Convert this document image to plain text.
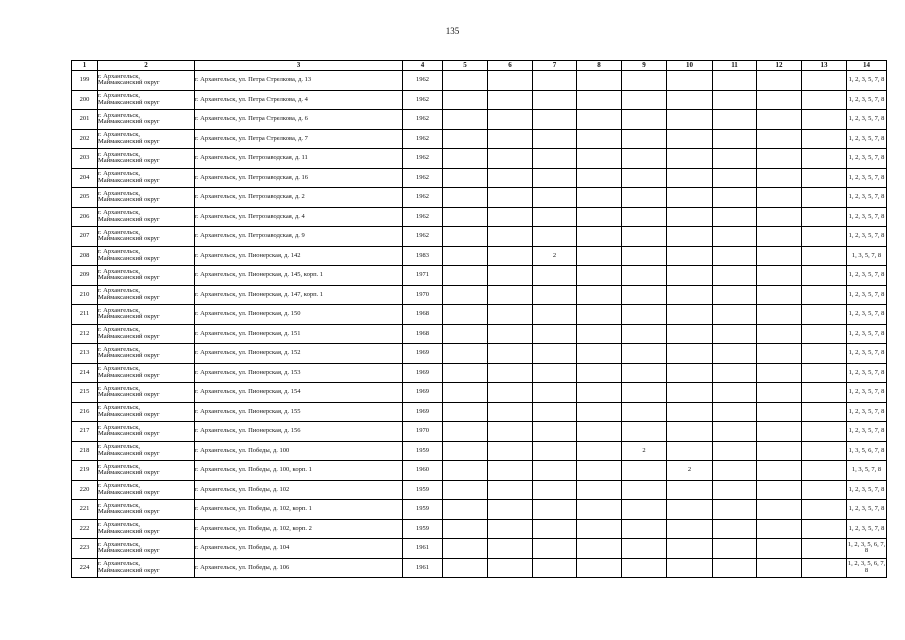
135
1	2	3	4	5	6	7	8	9	10	11	12	13	14
199	г. Архангельск,
Маймаксанский округ	г. Архангельск, ул. Петра Стрелкова, д. 13	1962										1, 2, 3, 5, 7, 8
200	г. Архангельск,
Маймаксанский округ	г. Архангельск, ул. Петра Стрелкова, д. 4	1962										1, 2, 3, 5, 7, 8
201	г. Архангельск,
Маймаксанский округ	г. Архангельск, ул. Петра Стрелкова, д. 6	1962										1, 2, 3, 5, 7, 8
202	г. Архангельск,
Маймаксанский округ	г. Архангельск, ул. Петра Стрелкова, д. 7	1962										1, 2, 3, 5, 7, 8
203	г. Архангельск,
Маймаксанский округ	г. Архангельск, ул. Петрозаводская, д. 11	1962										1, 2, 3, 5, 7, 8
204	г. Архангельск,
Маймаксанский округ	г. Архангельск, ул. Петрозаводская, д. 16	1962										1, 2, 3, 5, 7, 8
205	г. Архангельск,
Маймаксанский округ	г. Архангельск, ул. Петрозаводская, д. 2	1962										1, 2, 3, 5, 7, 8
206	г. Архангельск,
Маймаксанский округ	г. Архангельск, ул. Петрозаводская, д. 4	1962										1, 2, 3, 5, 7, 8
207	г. Архангельск,
Маймаксанский округ	г. Архангельск, ул. Петрозаводская, д. 9	1962										1, 2, 3, 5, 7, 8
208	г. Архангельск,
Маймаксанский округ	г. Архангельск, ул. Пионерская, д. 142	1983			2							1, 3, 5, 7, 8
209	г. Архангельск,
Маймаксанский округ	г. Архангельск, ул. Пионерская, д. 145, корп. 1	1971										1, 2, 3, 5, 7, 8
210	г. Архангельск,
Маймаксанский округ	г. Архангельск, ул. Пионерская, д. 147, корп. 1	1970										1, 2, 3, 5, 7, 8
211	г. Архангельск,
Маймаксанский округ	г. Архангельск, ул. Пионерская, д. 150	1968										1, 2, 3, 5, 7, 8
212	г. Архангельск,
Маймаксанский округ	г. Архангельск, ул. Пионерская, д. 151	1968										1, 2, 3, 5, 7, 8
213	г. Архангельск,
Маймаксанский округ	г. Архангельск, ул. Пионерская, д. 152	1969										1, 2, 3, 5, 7, 8
214	г. Архангельск,
Маймаксанский округ	г. Архангельск, ул. Пионерская, д. 153	1969										1, 2, 3, 5, 7, 8
215	г. Архангельск,
Маймаксанский округ	г. Архангельск, ул. Пионерская, д. 154	1969										1, 2, 3, 5, 7, 8
216	г. Архангельск,
Маймаксанский округ	г. Архангельск, ул. Пионерская, д. 155	1969										1, 2, 3, 5, 7, 8
217	г. Архангельск,
Маймаксанский округ	г. Архангельск, ул. Пионерская, д. 156	1970										1, 2, 3, 5, 7, 8
218	г. Архангельск,
Маймаксанский округ	г. Архангельск, ул. Победы, д. 100	1959					2					1, 3, 5, 6, 7, 8
219	г. Архангельск,
Маймаксанский округ	г. Архангельск, ул. Победы, д. 100, корп. 1	1960						2				1, 3, 5, 7, 8
220	г. Архангельск,
Маймаксанский округ	г. Архангельск, ул. Победы, д. 102	1959										1, 2, 3, 5, 7, 8
221	г. Архангельск,
Маймаксанский округ	г. Архангельск, ул. Победы, д. 102, корп. 1	1959										1, 2, 3, 5, 7, 8
222	г. Архангельск,
Маймаксанский округ	г. Архангельск, ул. Победы, д. 102, корп. 2	1959										1, 2, 3, 5, 7, 8
223	г. Архангельск,
Маймаксанский округ	г. Архангельск, ул. Победы, д. 104	1961										1, 2, 3, 5, 6, 7, 8
224	г. Архангельск,
Маймаксанский округ	г. Архангельск, ул. Победы, д. 106	1961										1, 2, 3, 5, 6, 7, 8
